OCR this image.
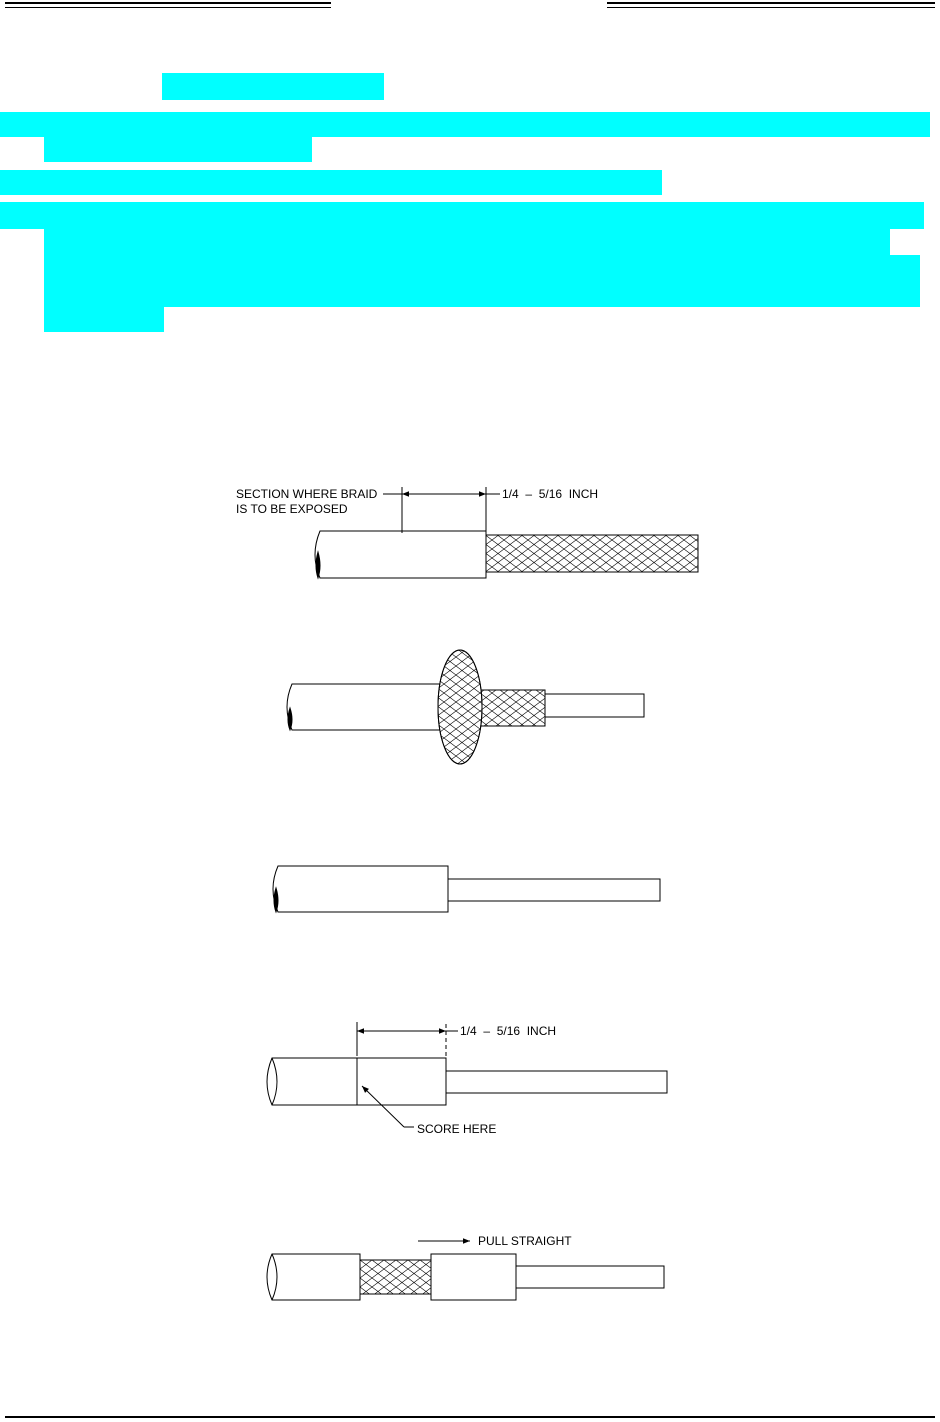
SECTION WHERE BRAID
IS TO BE EXPOSED
1/4  –  5/16  INCH
1/4  –  5/16  INCH
SCORE HERE
PULL STRAIGHT
